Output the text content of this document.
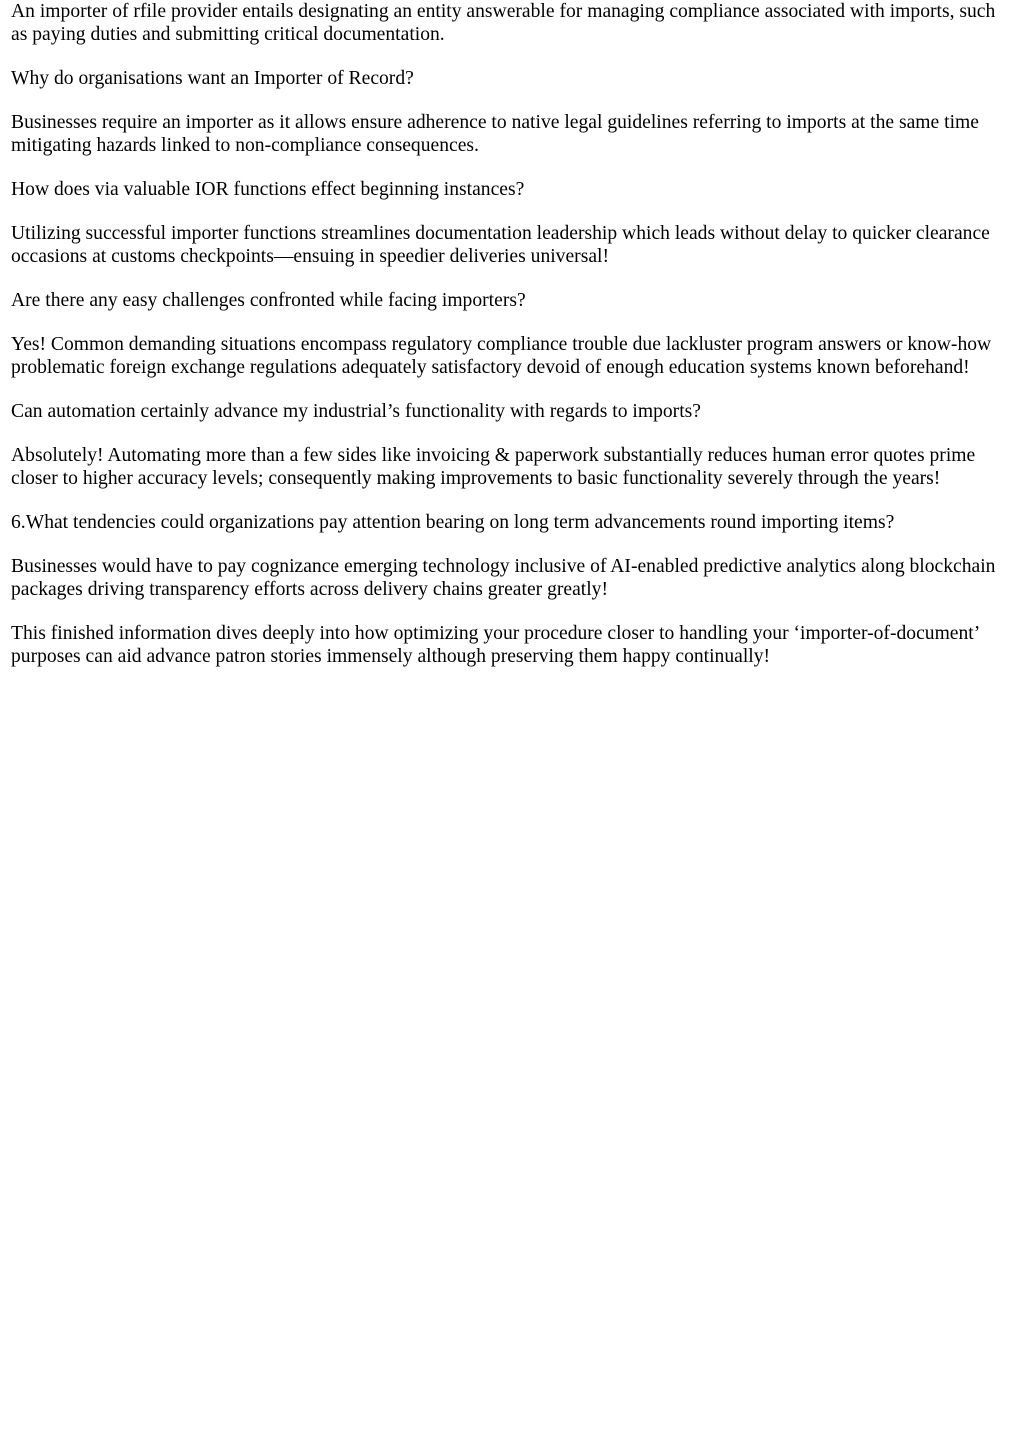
An importer of rfile provider entails designating an entity answerable for managing compliance associated with imports, such as paying duties and submitting critical documentation.

Why do organisations want an Importer of Record?

Businesses require an importer as it allows ensure adherence to native legal guidelines referring to imports at the same time mitigating hazards linked to non-compliance consequences.

How does via valuable IOR functions effect beginning instances?

Utilizing successful importer functions streamlines documentation leadership which leads without delay to quicker clearance occasions at customs checkpoints—ensuing in speedier deliveries universal!

Are there any easy challenges confronted while facing importers?

Yes! Common demanding situations encompass regulatory compliance trouble due lackluster program answers or know-how problematic foreign exchange regulations adequately satisfactory devoid of enough education systems known beforehand!

Can automation certainly advance my industrial’s functionality with regards to imports?

Absolutely! Automating more than a few sides like invoicing & paperwork substantially reduces human error quotes prime closer to higher accuracy levels; consequently making improvements to basic functionality severely through the years!

6.What tendencies could organizations pay attention bearing on long term advancements round importing items?

Businesses would have to pay cognizance emerging technology inclusive of AI-enabled predictive analytics along blockchain packages driving transparency efforts across delivery chains greater greatly!

This finished information dives deeply into how optimizing your procedure closer to handling your ‘importer-of-document’ purposes can aid advance patron stories immensely although preserving them happy continually!
